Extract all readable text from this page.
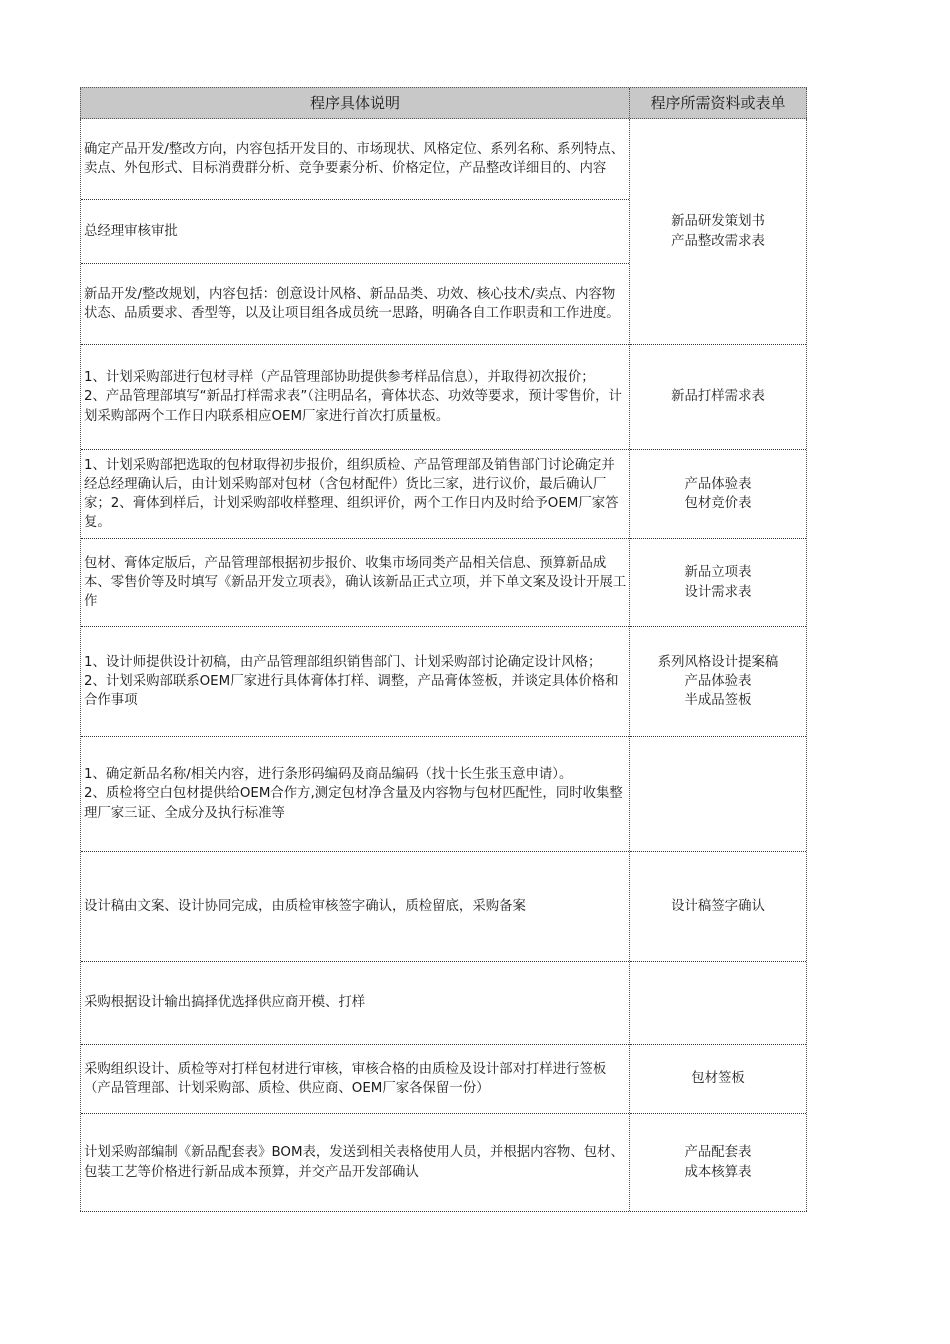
程序具体说明	程序所需资料或表单
确定产品开发/整改方向，内容包括开发目的、市场现状、风格定位、系列名称、系列特点、卖点、外包形式、目标消费群分析、竞争要素分析、价格定位，产品整改详细目的、内容
总经理审核审批
新品开发/整改规划，内容包括：创意设计风格、新品品类、功效、核心技术/卖点、内容物状态、品质要求、香型等，以及让项目组各成员统一思路，明确各自工作职责和工作进度。
1、计划采购部进行包材寻样（产品管理部协助提供参考样品信息），并取得初次报价；
2、产品管理部填写“新品打样需求表”（注明品名，膏体状态、功效等要求，预计零售价，计划采购部两个工作日内联系相应OEM厂家进行首次打质量板。
1、计划采购部把选取的包材取得初步报价，组织质检、产品管理部及销售部门讨论确定并经总经理确认后，由计划采购部对包材（含包材配件）货比三家，进行议价，最后确认厂家；2、膏体到样后，计划采购部收样整理、组织评价，两个工作日内及时给予OEM厂家答复。
包材、膏体定版后，产品管理部根据初步报价、收集市场同类产品相关信息、预算新品成本、零售价等及时填写《新品开发立项表》，确认该新品正式立项，并下单文案及设计开展工作
1、设计师提供设计初稿，由产品管理部组织销售部门、计划采购部讨论确定设计风格；
2、计划采购部联系OEM厂家进行具体膏体打样、调整，产品膏体签板，并谈定具体价格和合作事项
1、确定新品名称/相关内容，进行条形码编码及商品编码（找十长生张玉意申请）。
2、质检将空白包材提供给OEM合作方,测定包材净含量及内容物与包材匹配性，同时收集整理厂家三证、全成分及执行标准等
设计稿由文案、设计协同完成，由质检审核签字确认，质检留底，采购备案
采购根据设计输出搞择优选择供应商开模、打样
采购组织设计、质检等对打样包材进行审核，审核合格的由质检及设计部对打样进行签板（产品管理部、计划采购部、质检、供应商、OEM厂家各保留一份）
计划采购部编制《新品配套表》BOM表，发送到相关表格使用人员，并根据内容物、包材、包装工艺等价格进行新品成本预算，并交产品开发部确认
新品研发策划书
产品整改需求表
新品打样需求表
产品体验表
包材竞价表
新品立项表
设计需求表
系列风格设计提案稿
产品体验表
半成品签板
设计稿签字确认
包材签板
产品配套表
成本核算表
